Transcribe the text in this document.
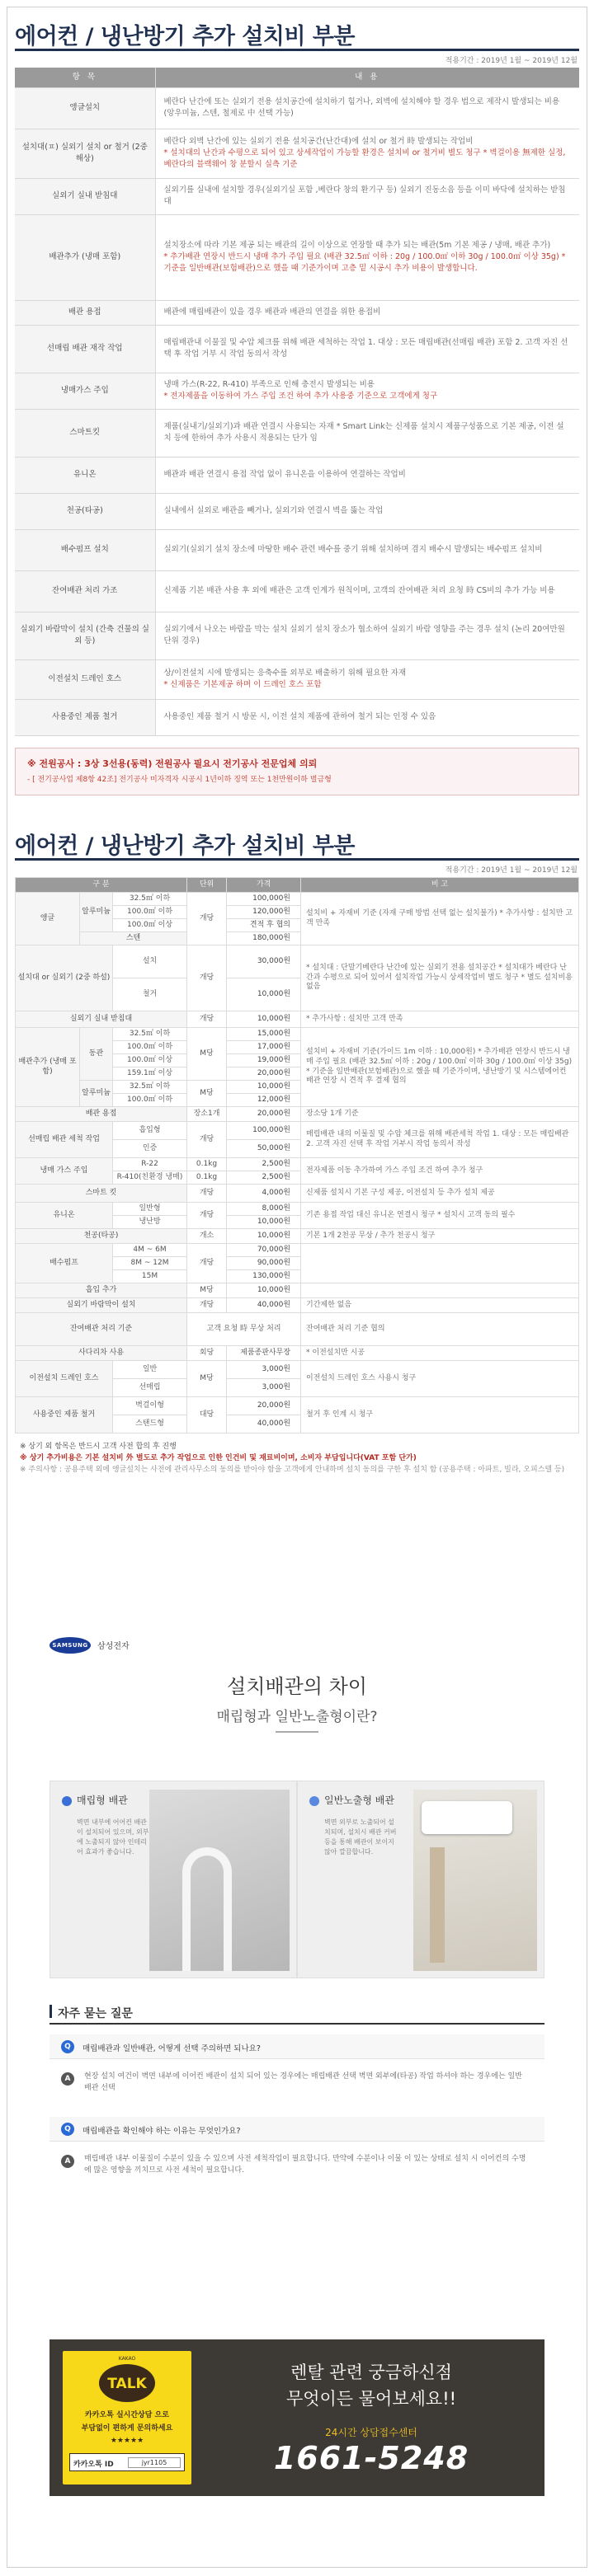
에어컨 / 냉난방기 추가 설치비 부분
적용기간 : 2019년 1월 ~ 2019년 12월
항 목	내 용
앵글설치	베란다 난간에 또는 실외기 전용 설치공간에 설치하기 힘거나, 외벽에 설치해야 할 경우 법으로 제작시 발생되는 비용 (앙우미늄, 스텐, 철제로 中 선택 가능)

설치대(ㅍ) 실외기 설치 or 철거 (2중 해상)	베란다 외벽 난간에 있는 실외기 전용 설치공간(난간대)에 설치 or 철거 時 발생되는 작업비
* 설치대의 난간과 수평으로 되어 있고 상세작업이 가능할 환경은 설치비 or 철거비 별도 청구 * 벽걸이용 無제한 실정, 베란다의 블랙웨어 창 분할시 실측 기준

실외기 실내 받침대	실외기를 실내에 설치할 경우(실외기실 포함 ,베란다 창의 환기구 등) 실외기 진동소음 등을 이미 바닥에 설치하는 받침대

배관추가 (냉매 포함)	설치장소에 따라 기본 제공 되는 배관의 길이 이상으로 연장할 때 추가 되는 배관(5m 기본 제공 / 냉매, 배관 추가)
* 추가배관 연장시 반드시 냉매 추가 주입 필요 (배관 32.5㎡ 이하 : 20g / 100.0㎡ 이하 30g / 100.0㎡ 이상 35g) * 기준을 일반배관(보험배관)으로 했을 때 기준가이며 고층 밑 시공시 추가 비용이 발생합니다.

배관 용접	배관에 매립배관이 있을 경우 배관과 배관의 연결을 위한 용접비

선매립 배관 재작 작업	매립배관내 이물질 및 수압 체크를 위해 배관 세척하는 작업 1. 대상 : 모든 매립배관(선매립 배관) 포함 2. 고객 자진 선택 후 작업 거부 시 작업 동의서 작성

냉매가스 주입	냉매 가스(R-22, R-410) 부족으로 인해 충전시 발생되는 비용
* 전자제품을 이동하여 가스 주입 조건 하여 추가 사용중 기준으로 고객에게 청구

스마트킷	제품(실내기/실외기)과 배관 연결시 사용되는 자재 * Smart Link는 신제품 설치시 제품구성품으로 기본 제공, 이전 설치 등에 한하여 추가 사용시 적용되는 단가 임

유니온	배관과 배관 연결시 용접 작업 없이 유니온을 이용하여 연결하는 작업비

천공(타공)	실내에서 실외로 배관을 빼거나, 실외기와 연결시 벽을 뚫는 작업

배수펌프 설치	실외기(실외기 설치 장소에 마땅한 배수 관련 배수를 중기 위해 설치하며 겸지 배수시 발생되는 배수펌프 설치비

잔여배관 처리 가조	신제품 기본 배관 사용 후 외에 배관은 고객 인계가 원칙이며, 고객의 잔여배관 처리 요청 時 CS비의 추가 가능 비용

실외기 바람막이 설치 (간축 건물의 실외 등)	실외기에서 나오는 바람을 막는 설치 실외기 설치 장소가 협소하여 실외기 바람 영향을 주는 경우 설치 (논리 20여만원 단위 경우)

이전설치 드레인 호스	상/이전설치 시에 발생되는 응축수를 외부로 배출하기 위해 필요한 자재
* 신제품은 기본제공 하며 이 드레인 호스 포함

사용중인 제품 철거	사용중인 제품 철거 시 방문 시, 이전 설치 제품에 관하여 철거 되는 인정 수 있음
※ 전원공사 : 3상 3선용(동력) 전원공사 필요시 전기공사 전문업체 의뢰
- [ 전기공사업 제8항 42조] 전기공사 미자격자 시공시 1년이하 징역 또는 1천만원이하 벌금형
에어컨 / 냉난방기 추가 설치비 부분
적용기간 : 2019년 1월 ~ 2019년 12월
구 분			단위	가격	비 고
앵글	알루미늄	32.5㎡ 이하	개당	100,000원	설치비 + 자재비 기준 (자재 구매 방법 선택 없는 설치불가) * 추가사항 : 설치만 고객 만족
		100.0㎡ 이하		120,000원	
		100.0㎡ 이상		견적 후 협의	
	스텐			180,000원	
설치대 or 실외기 (2중 하설)		설치	개당	30,000원	* 설치대 : 단말기베란다 난간에 있는 실외기 전용 설치공간 * 설치대가 베란다 난간과 수평으로 되어 있어서 설치작업 가능시 상세작업비 별도 청구 * 별도 설치비용 없음
		철거		10,000원	
실외기 실내 받침대			개당	10,000원	* 추가사항 : 설치만 고객 만족
배관추가 (냉매 포함)	동관	32.5㎡ 이하	M당	15,000원	설치비 + 자재비 기준(가이드 1m 이하 : 10,000원) * 추가배관 연장시 반드시 냉매 주입 필요 (배관 32.5㎡ 이하 : 20g / 100.0㎡ 이하 30g / 100.0㎡ 이상 35g) * 기준을 일반배관(보험배관)으로 했을 때 기준가이며, 냉난방기 및 시스템에어컨 배관 연장 시 견적 후 결제 협의
		100.0㎡ 이하		17,000원	
		100.0㎡ 이상		19,000원	
		159.1㎡ 이상		20,000원	
	알루미늄	32.5㎡ 이하	M당	10,000원	
		100.0㎡ 이하		12,000원	
배관 용접			장소1개	20,000원	장소당 1개 기준
선매립 배관 세척 작업		흡입형	개당	100,000원	매립배관 내의 이물질 및 수압 체크를 위해 배관세척 작업 1. 대상 : 모든 매립배관 2. 고객 자진 선택 후 작업 거부시 작업 동의서 작성
		인증		50,000원	
냉매 가스 주입		R-22	0.1kg	2,500원	전자제품 이동 추가하여 가스 주입 조건 하여 추가 청구
		R-410(친환경 냉매)	0.1kg	2,500원	
스마트 킷			개당	4,000원	신제품 설치시 기본 구성 제공, 이전설치 등 추가 설치 제공
유니온		일반형	개당	8,000원	기존 용접 작업 대신 유니온 연결시 청구 * 설치시 고객 동의 필수
		냉난방		10,000원	
천공(타공)			개소	10,000원	기본 1개 2천공 무상 / 추가 천공시 청구
배수펌프		4M ~ 6M	개당	70,000원	
		8M ~ 12M		90,000원	
		15M		130,000원	
흡입 추가			M당	10,000원	
실외기 바람막이 설치			개당	40,000원	기간제한 없음
잔여배관 처리 기준			고객 요청 時 무상 처리		잔여배관 처리 기준 협의
사다리차 사용			회당	제품종판사무장	* 이전설치만 시공
이전설치 드레인 호스		일반	M당	3,000원	이전설치 드레인 호스 사용시 청구
		선매립		3,000원	
사용중인 제품 철거		벽걸이형	대당	20,000원	철거 후 인계 시 청구
		스탠드형		40,000원	
※ 상기 외 항목은 반드시 고객 사전 합의 후 진행
※ 상기 추가비용은 기본 설치비 外 별도로 추가 작업으로 인한 인건비 및 재료비이며, 소비자 부담입니다(VAT 포함 단가)
※ 주의사항 : 공용주택 외에 앵글설치는 사전에 관리사무소의 동의를 받아야 함을 고객에게 안내하며 설치 동의를 구한 후 설치 함 (공용주택 : 아파트, 빌라, 오피스텔 등)
SAMSUNG	삼성전자
설치배관의 차이
매립형과 일반노출형이란?
매립형 배관
벽면 내부에 어어컨 배관이 설치되어 있으며, 외부에 노출되지 않아 인테리어 효과가 좋습니다.
일반노출형 배관
벽면 외부로 노출되어 설치되며, 설치시 배관 커버 등을 통해 배관이 보이지 않아 깔끔합니다.
자주 묻는 질문
Q	매립배관과 일반배관, 어떻게 선택 주의하면 되나요?
A	현장 설치 여건이 벽면 내부에 이어컨 배관이 설치 되어 있는 경우에는 매립배관 선택 벽면 외부에(타공) 작업 하셔야 하는 경우에는 일반 배관 선택
Q	매립배관을 확인해야 하는 이유는 무엇인가요?
A	매립배관 내부 이물질이 수분이 있을 수 있으며 사전 세척작업이 필요합니다. 만약에 수분이나 이물 이 있는 상태로 설치 시 이어컨의 수명에 많은 영향을 끼치므로 사전 세척이 필요합니다.
KAKAO
TALK
카카오톡 실시간상담 으로
부담없이 편하게 문의하세요
★★★★★
카카오톡 ID	jyr1105
렌탈 관련 궁금하신점
무엇이든 물어보세요!!
24시간 상담접수센터
1661-5248
